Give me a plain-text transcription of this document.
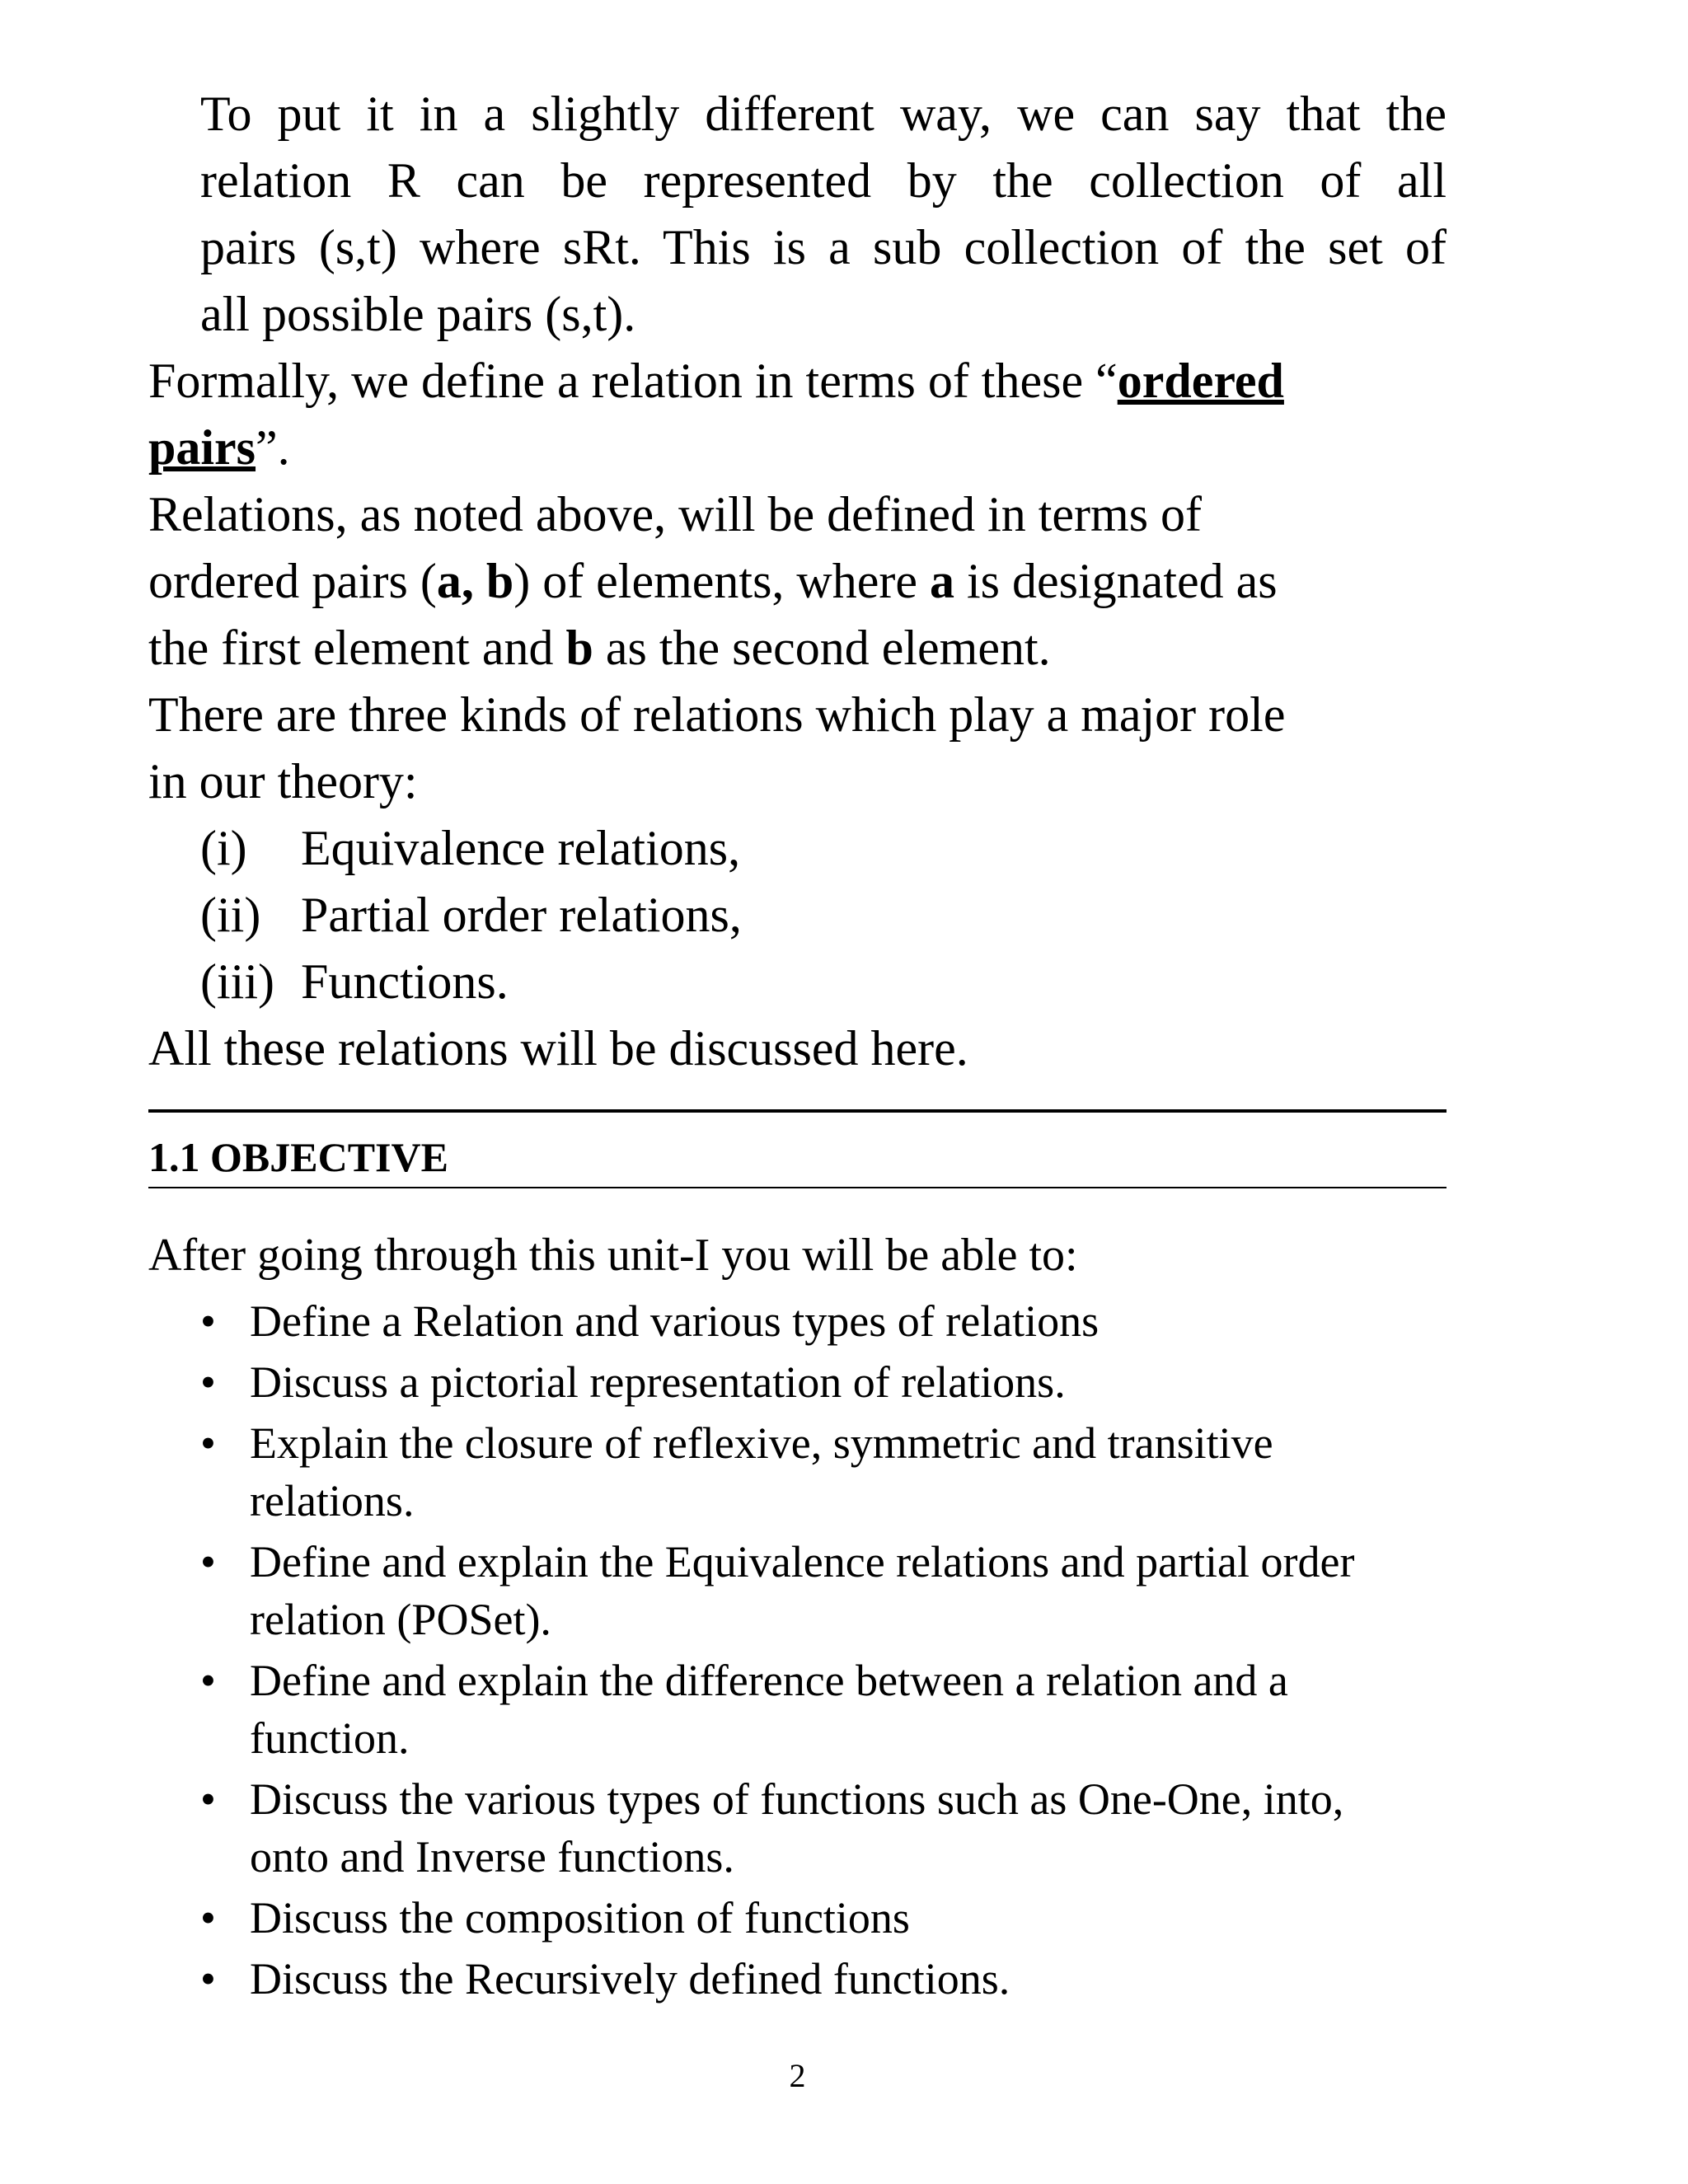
To put it in a slightly different way, we can say that the
relation R can be represented by the collection of all
pairs (s,t) where sRt. This is a sub collection of the set of
all possible pairs (s,t).
Formally, we define a relation in terms of these “ordered
pairs”.
Relations, as noted above, will be defined in terms of
ordered pairs (a, b) of elements, where a is designated as
the first element and b as the second element.
There are three kinds of relations which play a major role
in our theory:
(i) Equivalence relations,
(ii) Partial order relations,
(iii) Functions.
All these relations will be discussed here.
1.1 OBJECTIVE
After going through this unit-I you will be able to:
• Define a Relation and various types of relations
• Discuss a pictorial representation of relations.
• Explain the closure of reflexive, symmetric and transitive relations.
• Define and explain the Equivalence relations and partial order relation (POSet).
• Define and explain the difference between a relation and a function.
• Discuss the various types of functions such as One-One, into, onto and Inverse functions.
• Discuss the composition of functions
• Discuss the Recursively defined functions.
2
